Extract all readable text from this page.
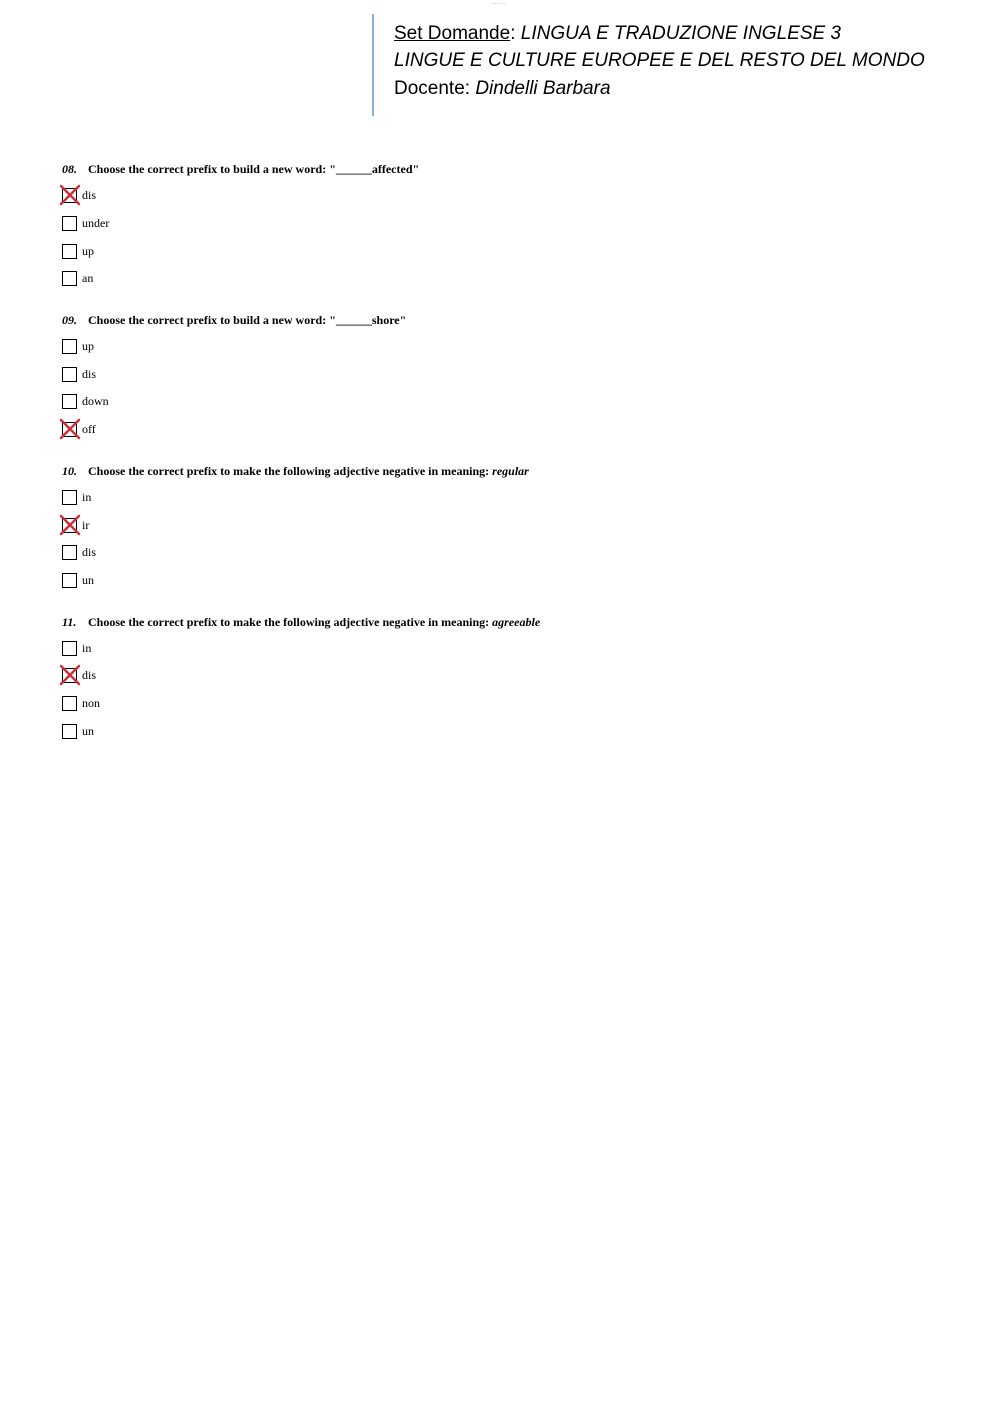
— — —
Set Domande: LINGUA E TRADUZIONE INGLESE 3
LINGUE E CULTURE EUROPEE E DEL RESTO DEL MONDO
Docente: Dindelli Barbara
08. Choose the correct prefix to build a new word: "______affected"
dis
under
up
an
09. Choose the correct prefix to build a new word: "______shore"
up
dis
down
off
10. Choose the correct prefix to make the following adjective negative in meaning: regular
in
ir
dis
un
11. Choose the correct prefix to make the following adjective negative in meaning: agreeable
in
dis
non
un
